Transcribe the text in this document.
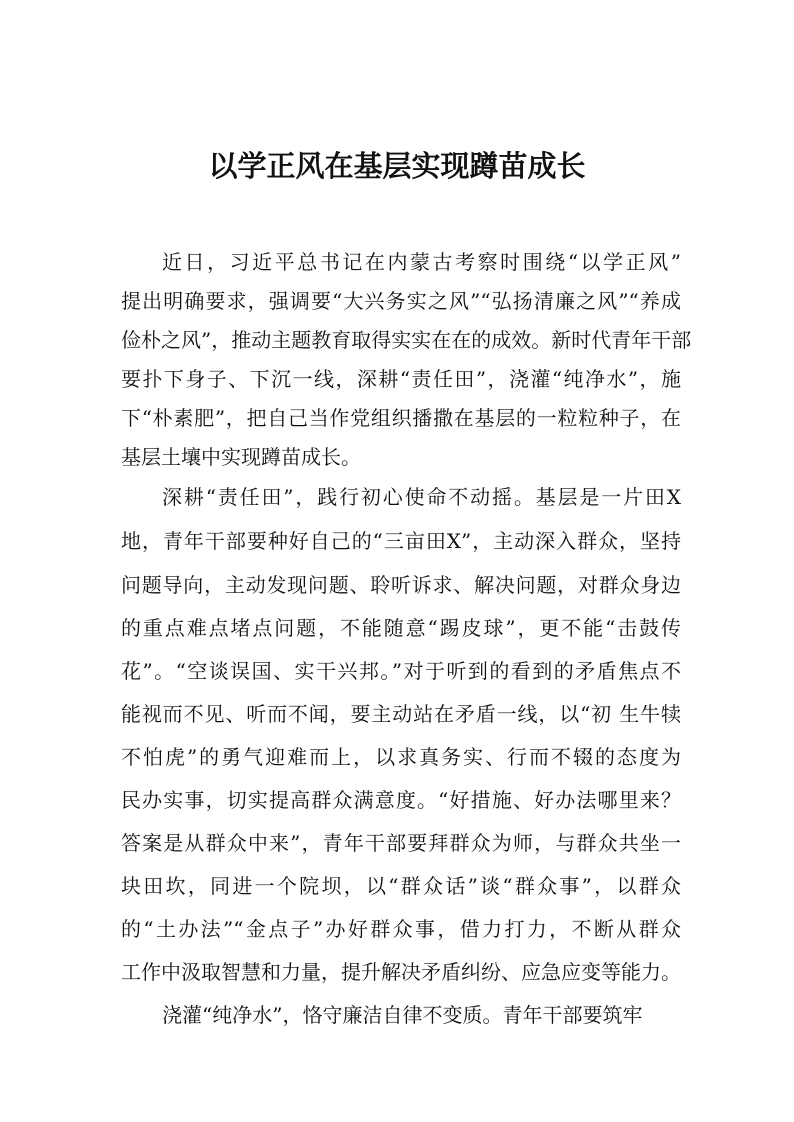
以学正风在基层实现蹲苗成长
近日，习近平总书记在内蒙古考察时围绕“以学正风”
提出明确要求，强调要“大兴务实之风”“弘扬清廉之风”“养成
俭朴之风”，推动主题教育取得实实在在的成效。新时代青年干部
要扑下身子、下沉一线，深耕“责任田”，浇灌“纯净水”，施
下“朴素肥”，把自己当作党组织播撒在基层的一粒粒种子，在
基层土壤中实现蹲苗成长。
深耕“责任田”，践行初心使命不动摇。基层是一片田X
地，青年干部要种好自己的“三亩田X”，主动深入群众，坚持
问题导向，主动发现问题、聆听诉求、解决问题，对群众身边
的重点难点堵点问题，不能随意“踢皮球”，更不能“击鼓传
花”。“空谈误国、实干兴邦。”对于听到的看到的矛盾焦点不
能视而不见、听而不闻，要主动站在矛盾一线，以“初 生牛犊
不怕虎”的勇气迎难而上，以求真务实、行而不辍的态度为
民办实事，切实提高群众满意度。“好措施、好办法哪里来？
答案是从群众中来”，青年干部要拜群众为师，与群众共坐一
块田坎，同进一个院坝，以“群众话”谈“群众事”，以群众
的“土办法”“金点子”办好群众事，借力打力，不断从群众
工作中汲取智慧和力量，提升解决矛盾纠纷、应急应变等能力。
浇灌“纯净水”，恪守廉洁自律不变质。青年干部要筑牢
